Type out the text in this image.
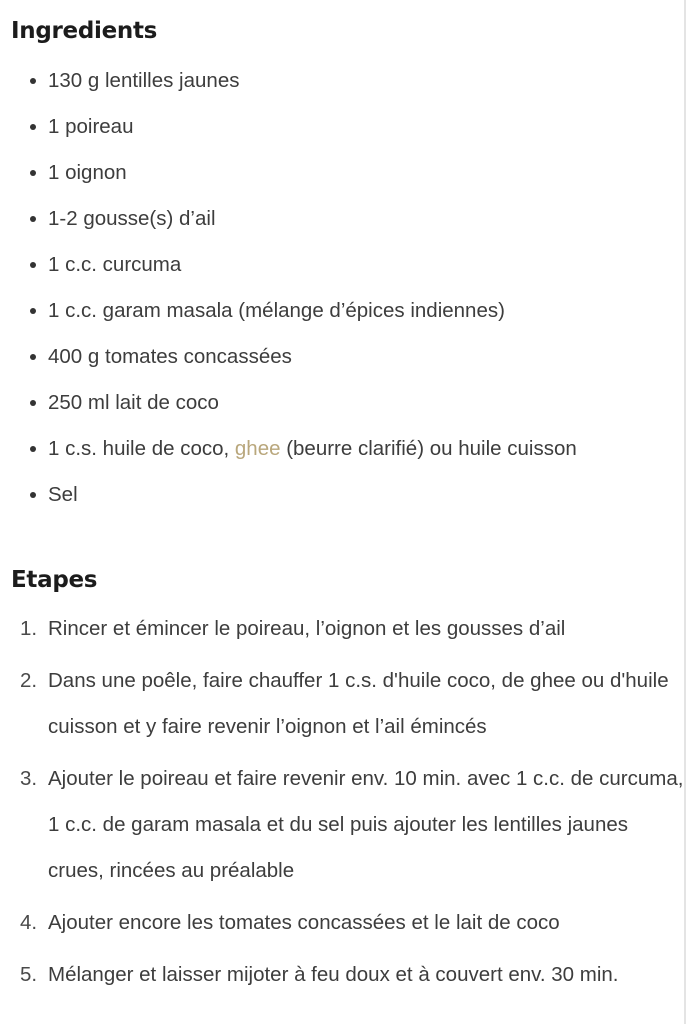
Ingredients
130 g lentilles jaunes
1 poireau
1 oignon
1-2 gousse(s) d’ail
1 c.c. curcuma
1 c.c. garam masala (mélange d’épices indiennes)
400 g tomates concassées
250 ml lait de coco
1 c.s. huile de coco, ghee (beurre clarifié) ou huile cuisson
Sel
Etapes
1. Rincer et émincer le poireau, l’oignon et les gousses d’ail
2. Dans une poêle, faire chauffer 1 c.s. d'huile coco, de ghee ou d'huile
cuisson et y faire revenir l’oignon et l’ail émincés
3. Ajouter le poireau et faire revenir env. 10 min. avec 1 c.c. de curcuma,
1 c.c. de garam masala et du sel puis ajouter les lentilles jaunes
crues, rincées au préalable
4. Ajouter encore les tomates concassées et le lait de coco
5. Mélanger et laisser mijoter à feu doux et à couvert env. 30 min.
